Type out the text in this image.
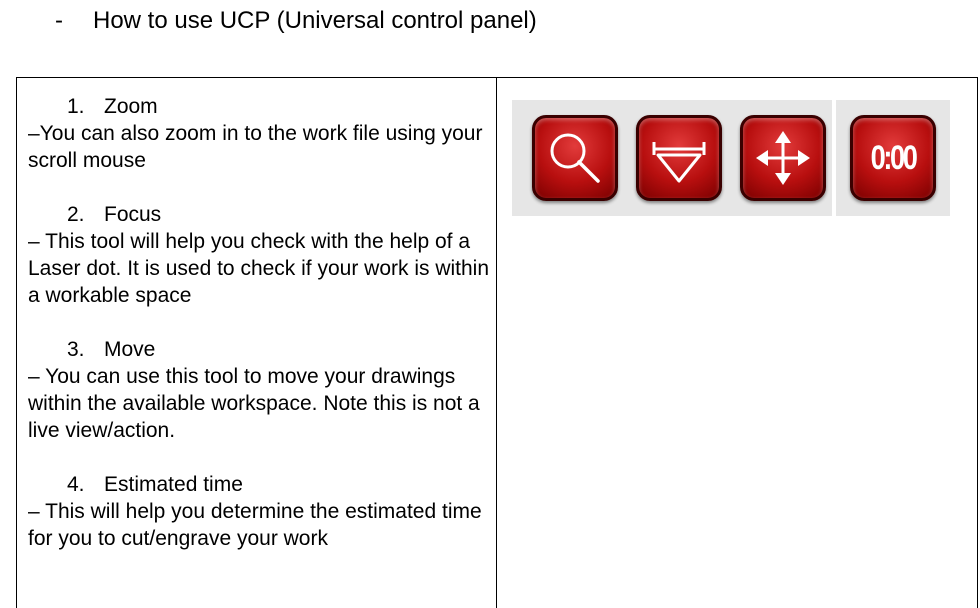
- How to use UCP (Universal control panel)
1. Zoom
–You can also zoom in to the work file using your scroll mouse
2. Focus
– This tool will help you check with the help of a Laser dot. It is used to check if your work is within a workable space
3. Move
– You can use this tool to move your drawings within the available workspace. Note this is not a live view/action.
4. Estimated time
– This will help you determine the estimated time for you to cut/engrave your work
0:00
